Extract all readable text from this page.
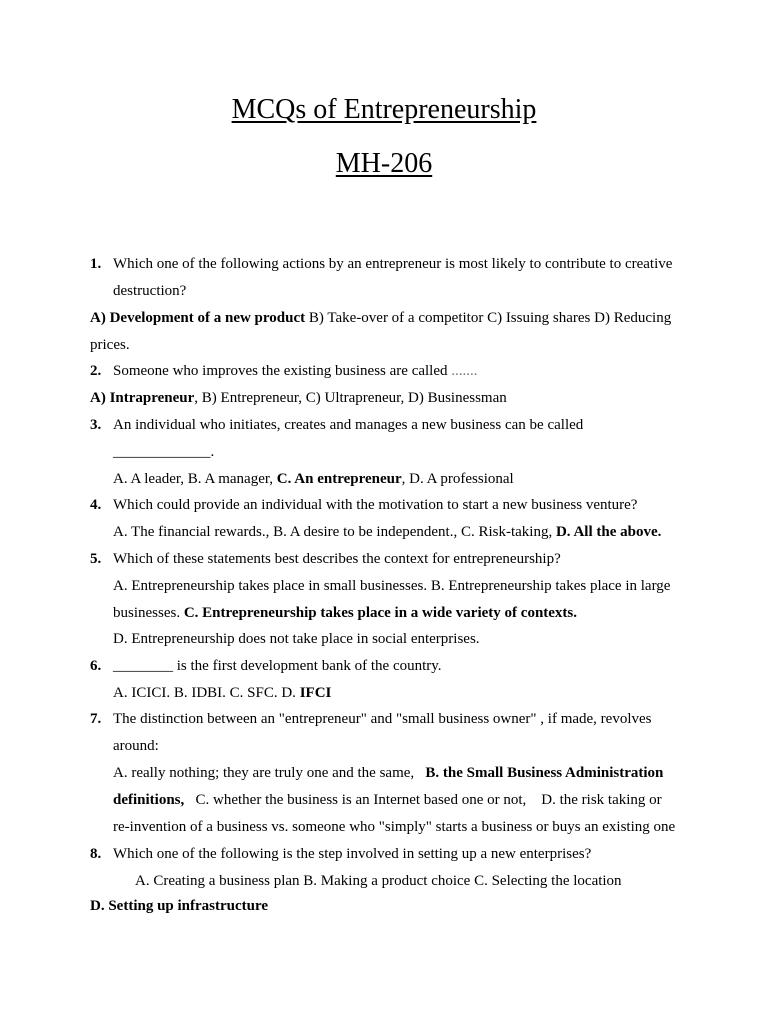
MCQs of Entrepreneurship
MH-206
1. Which one of the following actions by an entrepreneur is most likely to contribute to creative
destruction?
A) Development of a new product B) Take-over of a competitor C) Issuing shares D) Reducing
prices.
2. Someone who improves the existing business are called .......
A) Intrapreneur, B) Entrepreneur, C) Ultrapreneur, D) Businessman
3. An individual who initiates, creates and manages a new business can be called
_____________.
A. A leader, B. A manager, C. An entrepreneur, D. A professional
4. Which could provide an individual with the motivation to start a new business venture?
A. The financial rewards., B. A desire to be independent., C. Risk-taking, D. All the above.
5. Which of these statements best describes the context for entrepreneurship?
A. Entrepreneurship takes place in small businesses. B. Entrepreneurship takes place in large
businesses. C. Entrepreneurship takes place in a wide variety of contexts.
D. Entrepreneurship does not take place in social enterprises.
6. ________ is the first development bank of the country.
A. ICICI. B. IDBI. C. SFC. D. IFCI
7. The distinction between an "entrepreneur" and "small business owner" , if made, revolves
around:
A. really nothing; they are truly one and the same,   B. the Small Business Administration
definitions,   C. whether the business is an Internet based one or not,    D. the risk taking or
re-invention of a business vs. someone who "simply" starts a business or buys an existing one
8. Which one of the following is the step involved in setting up a new enterprises?
A. Creating a business plan B. Making a product choice C. Selecting the location
D. Setting up infrastructure
